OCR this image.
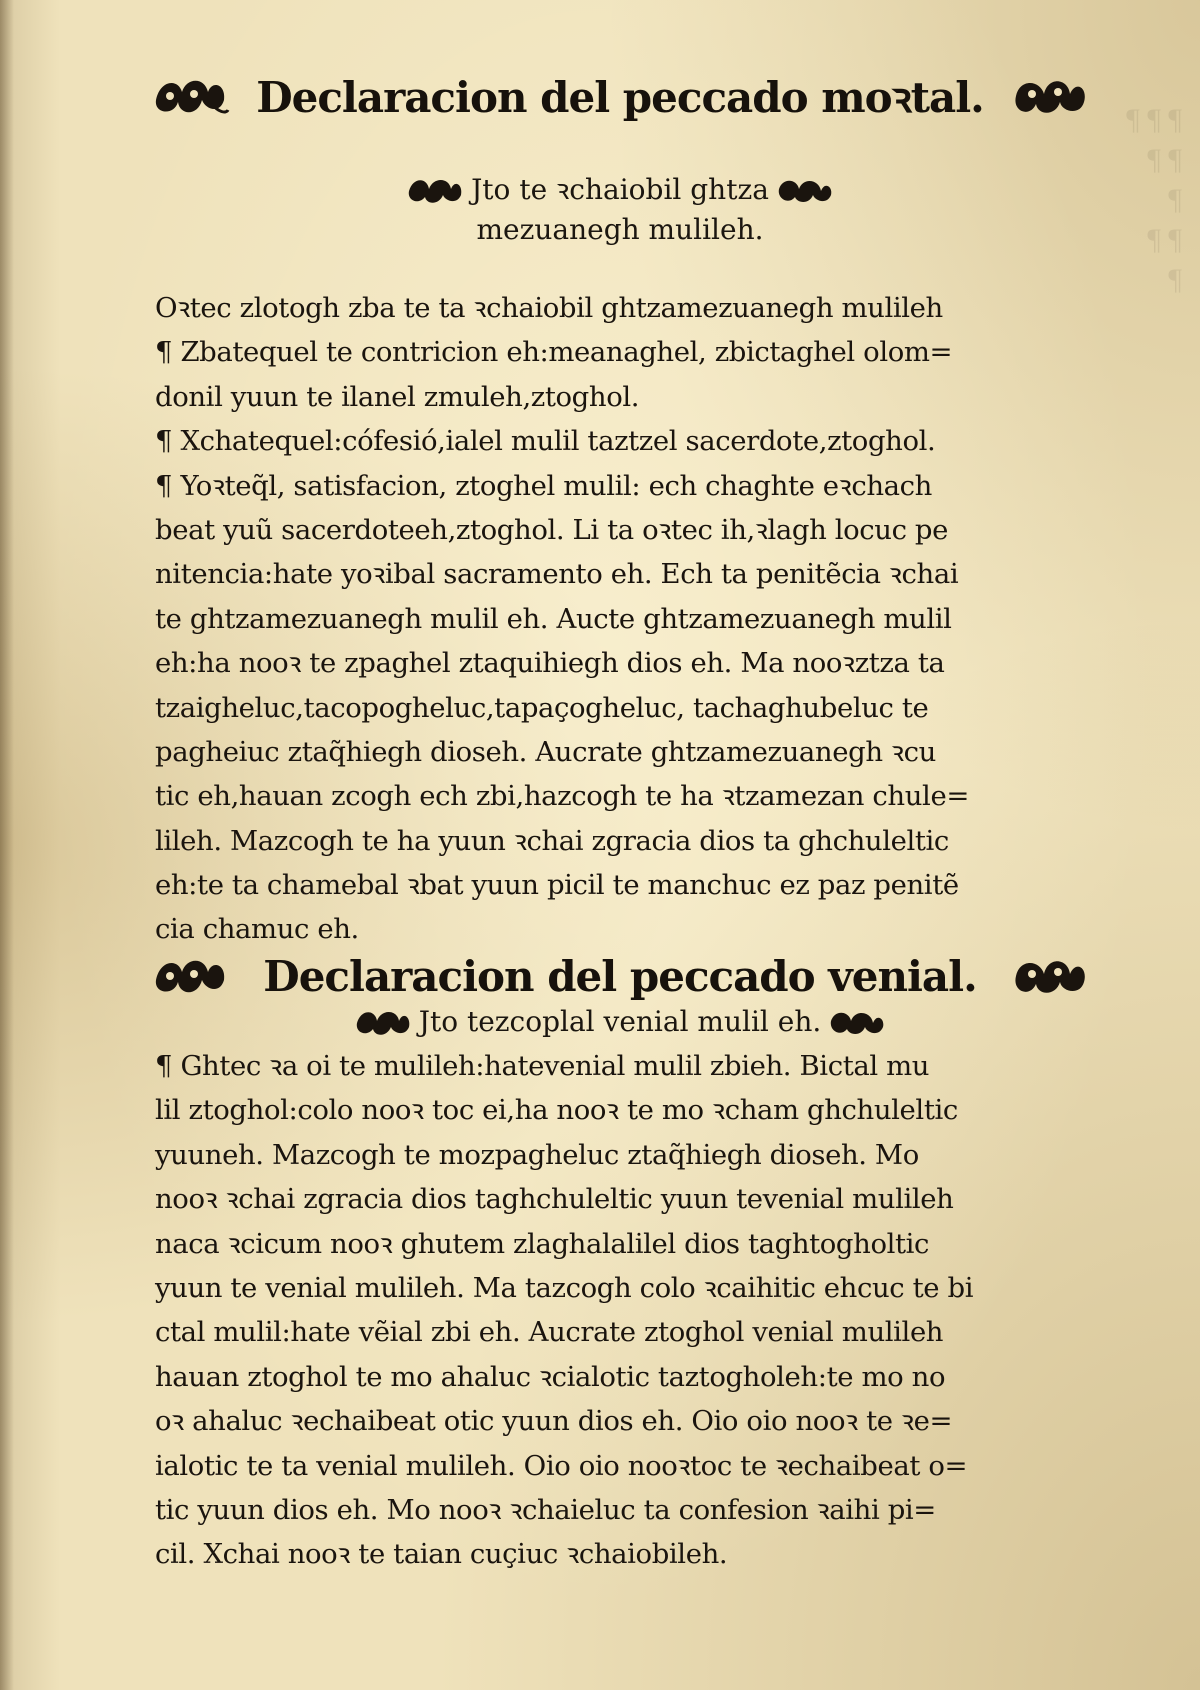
¶ ¶ ¶
¶ ¶
¶
¶ ¶
¶
Declaracion del peccado moꝛtal.
Jto te ꝛchaiobil ghtza
mezuanegh mulileh.
Oꝛtec zlotogh zba te ta ꝛchaiobil ghtzamezuanegh mulileh
¶ Zbatequel te contricion eh:meanaghel, zbictaghel olom=
donil yuun te ilanel zmuleh,ztoghol.
¶ Xchatequel:cófesió,ialel mulil taztzel sacerdote,ztoghol.
¶ Yoꝛteq̃l, satisfacion, ztoghel mulil: ech chaghte eꝛchach
beat yuũ sacerdoteeh,ztoghol. Li ta oꝛtec ih,ꝛlagh locuc pe
nitencia:hate yoꝛibal sacramento eh. Ech ta penitẽcia ꝛchai
te ghtzamezuanegh mulil eh. Aucte ghtzamezuanegh mulil
eh:ha nooꝛ te zpaghel ztaquihiegh dios eh. Ma nooꝛztza ta
tzaigheluc,tacopogheluc,tapaçogheluc, tachaghubeluc te
pagheiuc ztaq̃hiegh dioseh. Aucrate ghtzamezuanegh ꝛcu
tic eh,hauan zcogh ech zbi,hazcogh te ha ꝛtzamezan chule=
lileh. Mazcogh te ha yuun ꝛchai zgracia dios ta ghchuleltic
eh:te ta chamebal ꝛbat yuun picil te manchuc ez paz penitẽ
cia chamuc eh.
Declaracion del peccado venial.
Jto tezcoplal venial mulil eh.
¶ Ghtec ꝛa oi te mulileh:hatevenial mulil zbieh. Bictal mu
lil ztoghol:colo nooꝛ toc ei,ha nooꝛ te mo ꝛcham ghchuleltic
yuuneh. Mazcogh te mozpagheluc ztaq̃hiegh dioseh. Mo
nooꝛ ꝛchai zgracia dios taghchuleltic yuun tevenial mulileh
naca ꝛcicum nooꝛ ghutem zlaghalalilel dios taghtogholtic
yuun te venial mulileh. Ma tazcogh colo ꝛcaihitic ehcuc te bi
ctal mulil:hate vẽial zbi eh. Aucrate ztoghol venial mulileh
hauan ztoghol te mo ahaluc ꝛcialotic taztogholeh:te mo no
oꝛ ahaluc ꝛechaibeat otic yuun dios eh. Oio oio nooꝛ te ꝛe=
ialotic te ta venial mulileh. Oio oio nooꝛtoc te ꝛechaibeat o=
tic yuun dios eh. Mo nooꝛ ꝛchaieluc ta confesion ꝛaihi pi=
cil. Xchai nooꝛ te taian cuçiuc ꝛchaiobileh.
